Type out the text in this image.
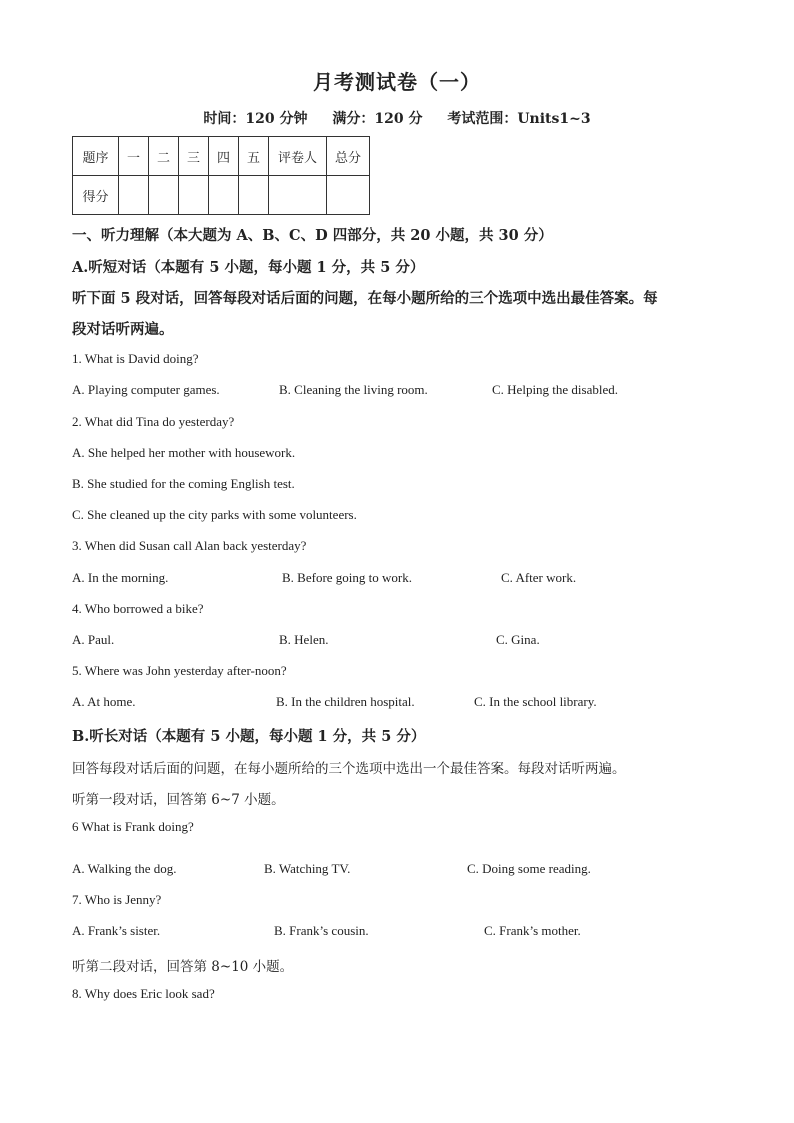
月考测试卷（一）
时间：120 分钟 满分：120 分 考试范围：Units1~3
题序	一	二	三	四	五	评卷人	总分
得分							
一、听力理解（本大题为 A、B、C、D 四部分，共 20 小题，共 30 分）
A.听短对话（本题有 5 小题，每小题 1 分，共 5 分）
听下面 5 段对话，回答每段对话后面的问题，在每小题所给的三个选项中选出最佳答案。每
段对话听两遍。
1. What is David doing?
A. Playing computer games.	B. Cleaning the living room.	C. Helping the disabled.
2. What did Tina do yesterday?
A. She helped her mother with housework.
B. She studied for the coming English test.
C. She cleaned up the city parks with some volunteers.
3. When did Susan call Alan back yesterday?
A. In the morning.	B. Before going to work.	C. After work.
4. Who borrowed a bike?
A. Paul.	B. Helen.	C. Gina.
5. Where was John yesterday after-noon?
A. At home.	B. In the children hospital.	C. In the school library.
B.听长对话（本题有 5 小题，每小题 1 分，共 5 分）
回答每段对话后面的问题，在每小题所给的三个选项中选出一个最佳答案。每段对话听两遍。
听第一段对话，回答第 6~7 小题。
6 What is Frank doing?
A. Walking the dog.	B. Watching TV.	C. Doing some reading.
7. Who is Jenny?
A. Frank’s sister.	B. Frank’s cousin.	C. Frank’s mother.
听第二段对话，回答第 8~10 小题。
8. Why does Eric look sad?
